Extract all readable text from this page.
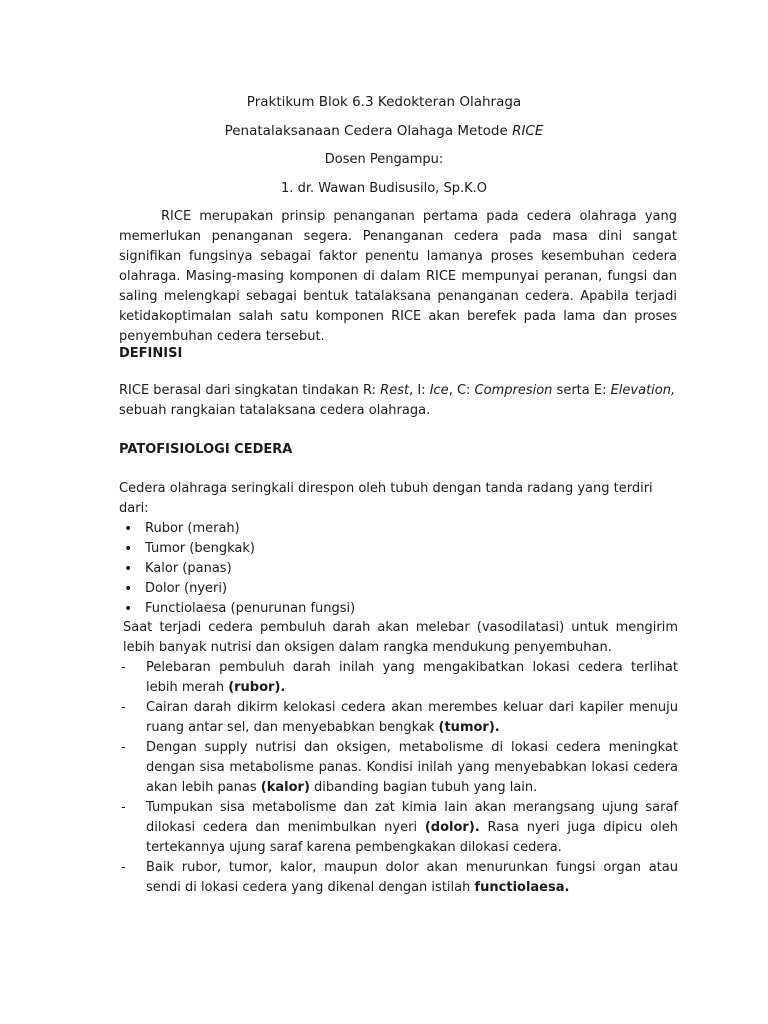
Praktikum Blok 6.3 Kedokteran Olahraga
Penatalaksanaan Cedera Olahaga Metode RICE
Dosen Pengampu:
1. dr. Wawan Budisusilo, Sp.K.O

RICE merupakan prinsip penanganan pertama pada cedera olahraga yang memerlukan penanganan segera. Penanganan cedera pada masa dini sangat signifikan fungsinya sebagai faktor penentu lamanya proses kesembuhan cedera olahraga. Masing-masing komponen di dalam RICE mempunyai peranan, fungsi dan saling melengkapi sebagai bentuk tatalaksana penanganan cedera. Apabila terjadi ketidakoptimalan salah satu komponen RICE akan berefek pada lama dan proses penyembuhan cedera tersebut.

DEFINISI

RICE berasal dari singkatan tindakan R: Rest, I: Ice, C: Compresion serta E: Elevation,

sebuah rangkaian tatalaksana cedera olahraga.

PATOFISIOLOGI CEDERA

Cedera olahraga seringkali direspon oleh tubuh dengan tanda radang yang terdiri dari:

• Rubor (merah)
• Tumor (bengkak)
• Kalor (panas)
• Dolor (nyeri)
• Functiolaesa (penurunan fungsi)

Saat terjadi cedera pembuluh darah akan melebar (vasodilatasi) untuk mengirim lebih banyak nutrisi dan oksigen dalam rangka mendukung penyembuhan.

- Pelebaran pembuluh darah inilah yang mengakibatkan lokasi cedera terlihat lebih merah (rubor).
- Cairan darah dikirm kelokasi cedera akan merembes keluar dari kapiler menuju ruang antar sel, dan menyebabkan bengkak (tumor).
- Dengan supply nutrisi dan oksigen, metabolisme di lokasi cedera meningkat dengan sisa metabolisme panas. Kondisi inilah yang menyebabkan lokasi cedera akan lebih panas (kalor) dibanding bagian tubuh yang lain.
- Tumpukan sisa metabolisme dan zat kimia lain akan merangsang ujung saraf dilokasi cedera dan menimbulkan nyeri (dolor). Rasa nyeri juga dipicu oleh tertekannya ujung saraf karena pembengkakan dilokasi cedera.
- Baik rubor, tumor, kalor, maupun dolor akan menurunkan fungsi organ atau sendi di lokasi cedera yang dikenal dengan istilah functiolaesa.
